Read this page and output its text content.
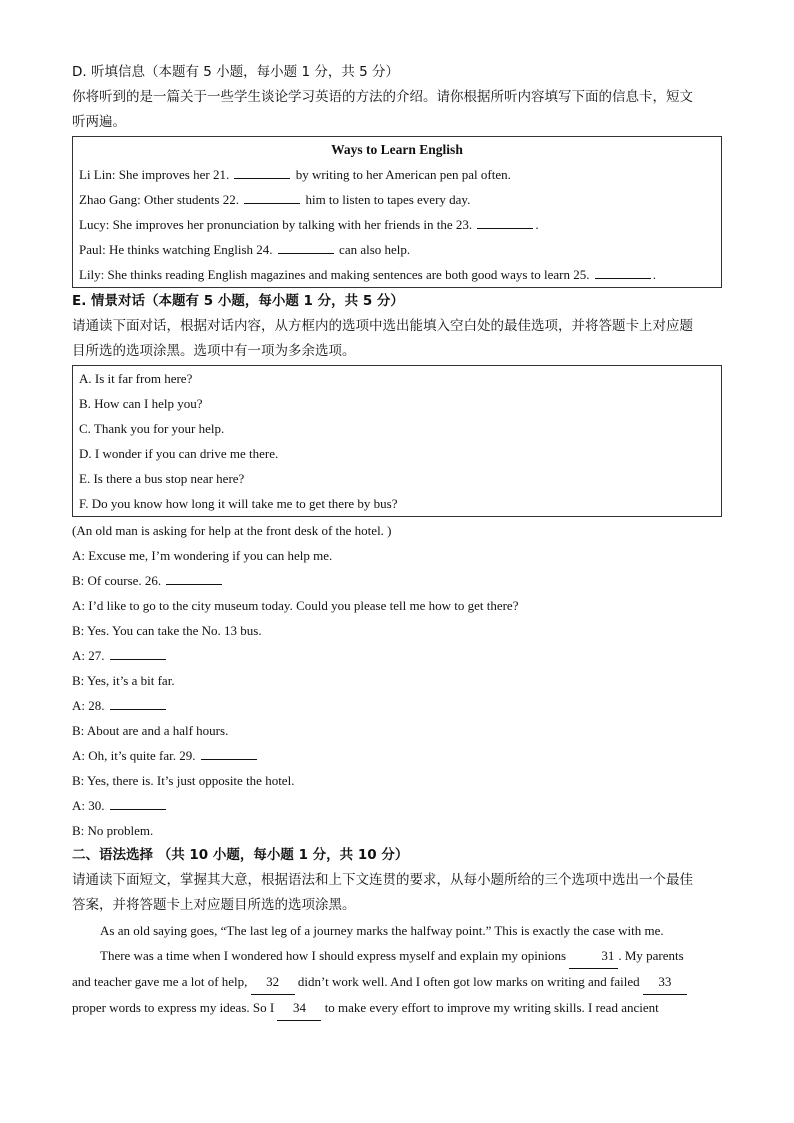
D. 听填信息（本题有 5 小题，每小题 1 分，共 5 分）

你将听到的是一篇关于一些学生谈论学习英语的方法的介绍。请你根据所听内容填写下面的信息卡，短文

听两遍。

Ways to Learn English

Li Lin: She improves her 21.	by writing to her American pen pal often.

Zhao Gang: Other students 22.	him to listen to tapes every day.

Lucy: She improves her pronunciation by talking with her friends in the 23.	.

Paul: He thinks watching English 24.	can also help.

Lily: She thinks reading English magazines and making sentences are both good ways to learn 25.	.

E. 情景对话（本题有 5 小题，每小题 1 分，共 5 分）

请通读下面对话，根据对话内容，从方框内的选项中选出能填入空白处的最佳选项，并将答题卡上对应题

目所选的选项涂黑。选项中有一项为多余选项。

A. Is it far from here?

B. How can I help you?

C. Thank you for your help.

D. I wonder if you can drive me there.

E. Is there a bus stop near here?

F. Do you know how long it will take me to get there by bus?

(An old man is asking for help at the front desk of the hotel. )

A: Excuse me, I’m wondering if you can help me.

B: Of course. 26.

A: I’d like to go to the city museum today. Could you please tell me how to get there?

B: Yes. You can take the No. 13 bus.

A: 27.

B: Yes, it’s a bit far.

A: 28.

B: About are and a half hours.

A: Oh, it’s quite far. 29.

B: Yes, there is. It’s just opposite the hotel.

A: 30.

B: No problem.

二、语法选择 （共 10 小题，每小题 1 分，共 10 分）

请通读下面短文，掌握其大意，根据语法和上下文连贯的要求，从每小题所给的三个选项中选出一个最佳

答案，并将答题卡上对应题目所选的选项涂黑。

As an old saying goes, “The last leg of a journey marks the halfway point.” This is exactly the case with me.

There was a time when I wondered how I should express myself and explain my opinions	31 . My parents

and teacher gave me a lot of help, 32 didn’t work well. And I often got low marks on writing and failed 33

proper words to express my ideas. So I 34 to make every effort to improve my writing skills. I read ancient
